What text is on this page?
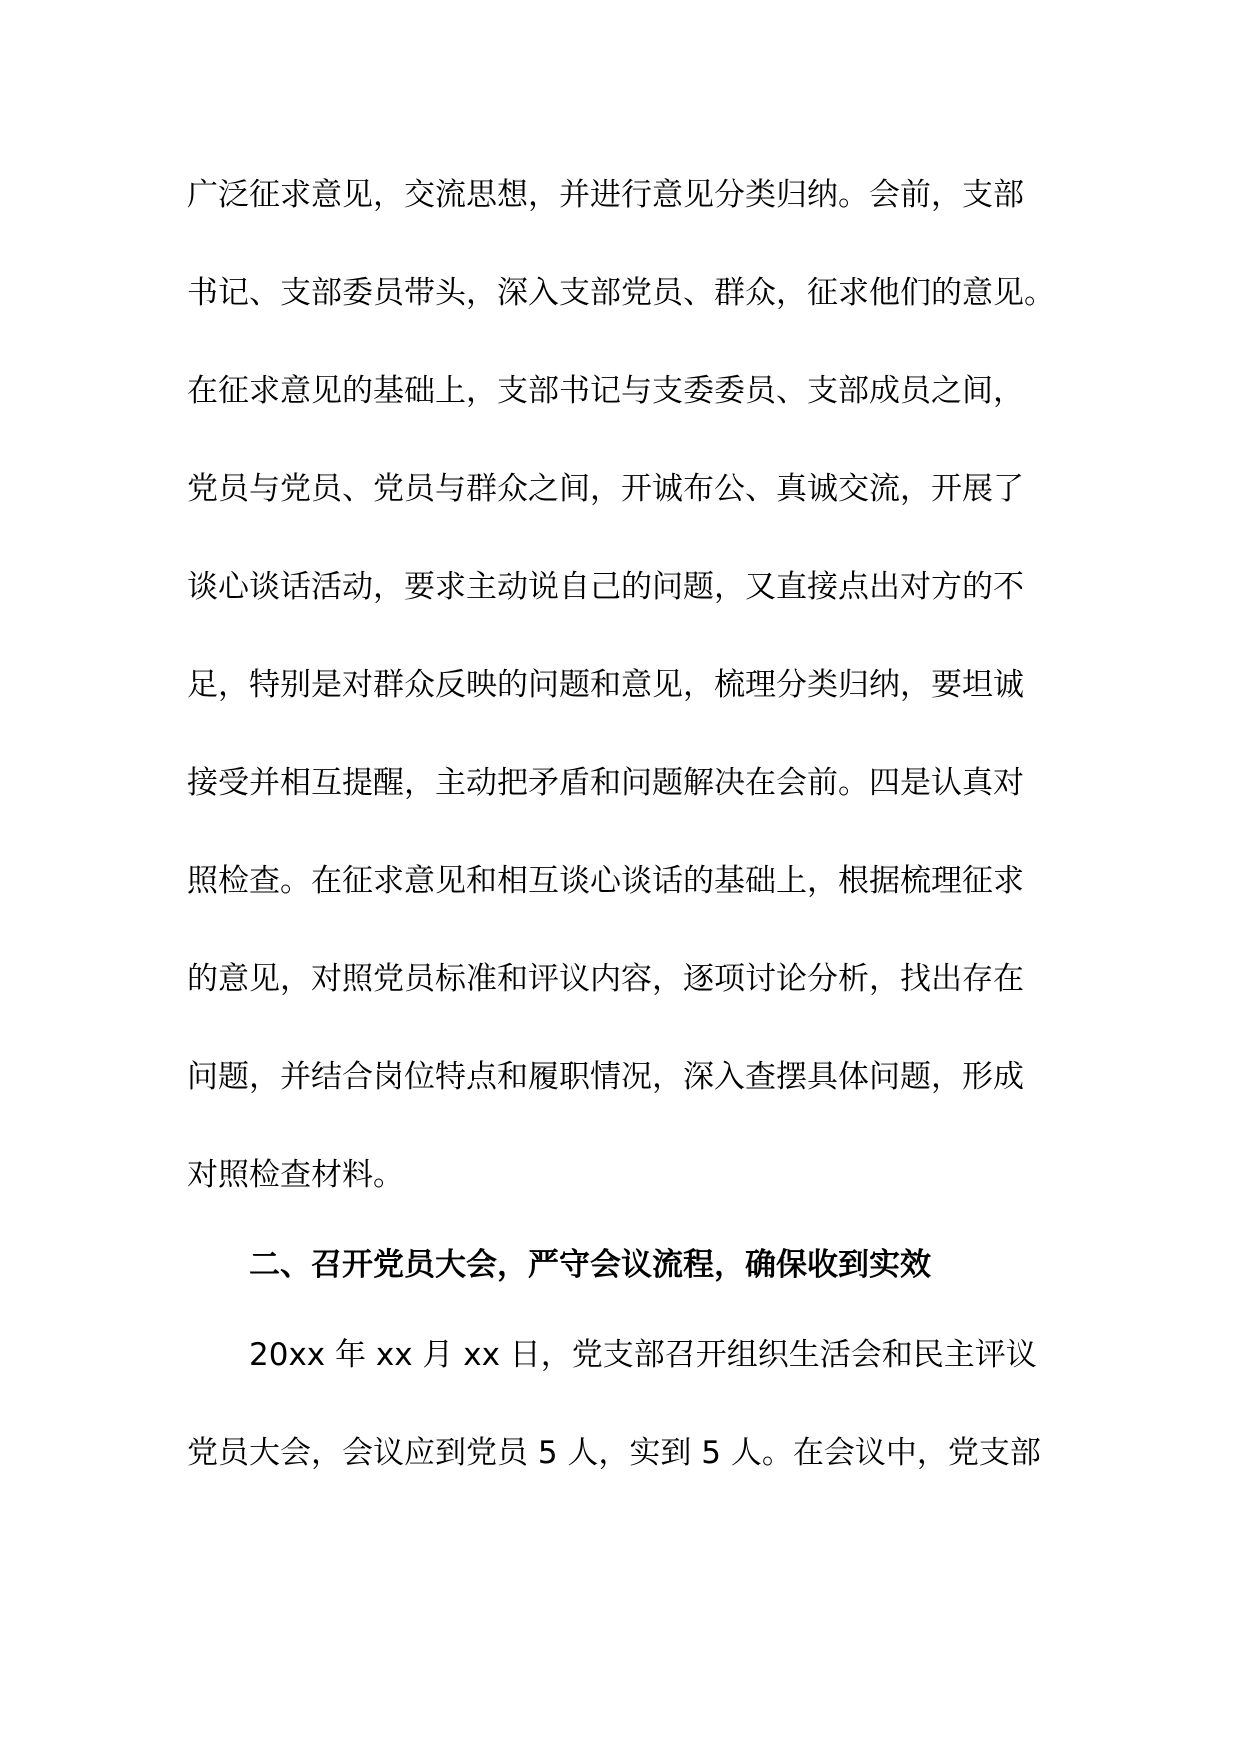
广泛征求意见，交流思想，并进行意见分类归纳。会前，支部
书记、支部委员带头，深入支部党员、群众，征求他们的意见。
在征求意见的基础上，支部书记与支委委员、支部成员之间，
党员与党员、党员与群众之间，开诚布公、真诚交流，开展了
谈心谈话活动，要求主动说自己的问题，又直接点出对方的不
足，特别是对群众反映的问题和意见，梳理分类归纳，要坦诚
接受并相互提醒，主动把矛盾和问题解决在会前。四是认真对
照检查。在征求意见和相互谈心谈话的基础上，根据梳理征求
的意见，对照党员标准和评议内容，逐项讨论分析，找出存在
问题，并结合岗位特点和履职情况，深入查摆具体问题，形成
对照检查材料。
二、召开党员大会，严守会议流程，确保收到实效
20xx 年 xx 月 xx 日，党支部召开组织生活会和民主评议
党员大会，会议应到党员 5 人，实到 5 人。在会议中，党支部
